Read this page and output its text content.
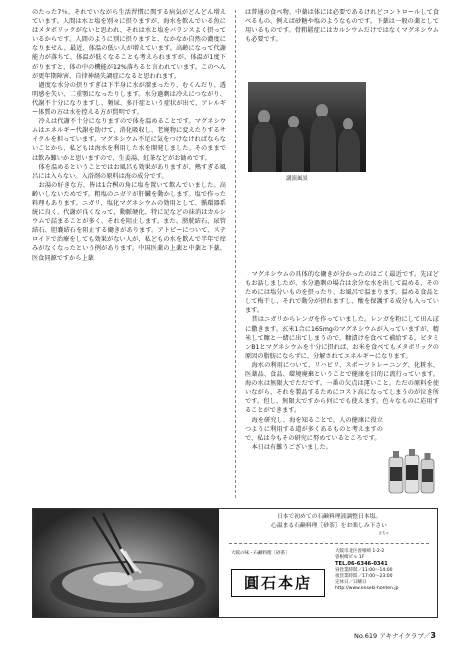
のたった7％。それでいながら生活習慣に関する病気がどんどん増えています。人間は水と塩を別々に摂りますが、海水を飲んでいる魚にはメタボリックがないと思われ、それは水と塩をバランスよく摂っているからです。人間のように別に摂りますと、なかなか自然の濃度になりません。最近、体温の低い人が増えています。高齢になって代謝能力が落ちて、体温が低くなることも考えられますが、体温が1度下がりますと、体の中の機能が12%落ちると言われています。このへんが更年期障害、自律神経失調症になると思われます。

過度な水分の摂りすぎは下半身に水が溜まったり、むくんだり、透明感を失い、二重顎になったりします。水分過剰は冷えにつながり、代謝不十分になりますし、頻尿、多汗症という症状が出て、アレルギー体質の方は水を控える方が賢明です。

冷えは代謝不十分になりますので体を温めることです。マグネシウムはエネルギー代謝を助けて、消化吸収し、老廃物に変えたりするサイクルを担っています。マグネシウム不足に気をつけなければならないことから、私どもは海水を利用した水を開発しました。そのままでは飲み難いかと思いますので、生姜湯、紅茶などがお勧めです。

体を温めるということではお風呂も効果がありますが、熱すぎる風呂には入らない。入浴剤の原料は海の成分です。

お湯の好きな方、皆は1合桝の角に塩を置いて飲んでいました。高齢いしないためです。粗塩のニガリが肝臓を動かします。塩で作った料理もあります。ニガリ、塩化マグネシウムの効用として、循環器系統に良く、代謝が良くなって、動脈硬化、特に足などの抹消はカルシウムで詰まることが多く、それを阻止します。また、膀胱結石、尿管結石、胆嚢結石を阻止する働きがあります。アトピーについて、ステロイドで治療をしても効果がない人が、私どもの水を飲んで半年で痒みがなくなったという例があります。中国医薬の上薬と中薬と下薬、医食同源ですから上薬

は普通の食べ物、中薬は体には必要であるけれどコントロールして食べるもの、例えば砂糖や塩のようなものです。下薬は一般の薬として用いるものです。骨粗鬆症にはカルシウムだけではなくマグネシウムも必要です。

講演風景

マグネシウムの具体的な働きが分かったのはごく最近です。先ほどもお話しましたが、水分過剰の場合は余分な水を出して温める、そのためには塩分いものを摂ったり、お風呂で温まります。温める食品として梅干し、それで動分が摂れますし、酸を保護する成分も入っています。

昔はニガリからレンガを作っていました。レンガを粉にして田んぼに撒きます。玄米1合に165mgのマグネシウムが入っていますが、精米して糠と一緒に出てしまうので、糠漬けを食べて補給する。ビタミンB1とマグネシウムを十分に摂れば、お米を食べてもメタボリックの原因の脂肪にならずに、分解されてエネルギーになります。

海水の利用について、リハビリ、スポーツトレーニング、化粧水、医薬品、食品、環境廃棄ということで健康を目的に流行っています。海の水は無限大でただです。一番の欠点は運いこと。ただの原料を使いながら、それを製品するためにコスト高になってしまうのが泣き所です。但し、無限大ですから何にでも使えます。色々なものに応用することができます。

海を研究し、海を知ることで、人の健康に役立つように利用する道が多くあるものと考えますので、私は今もその研究に努めているところです。

本日は有難うございました。

日本で初めての石鹸料理液調整日本塩。
心温まる石鹸料理［砂茶］をお楽しみ下さい
さちゃ
大阪の味・石鹸料理［砂茶］
圓石本店
大阪市北区曽根崎 1-2-2
曽根崎ビル 1F
TEL.06-6346-0341
昼営業時間／11:00〜14:00
夜営業時間／17:00〜23:00
定休日／日曜日
http://www.enseki-honten.jp
No.619 アキナイクラブ／3
